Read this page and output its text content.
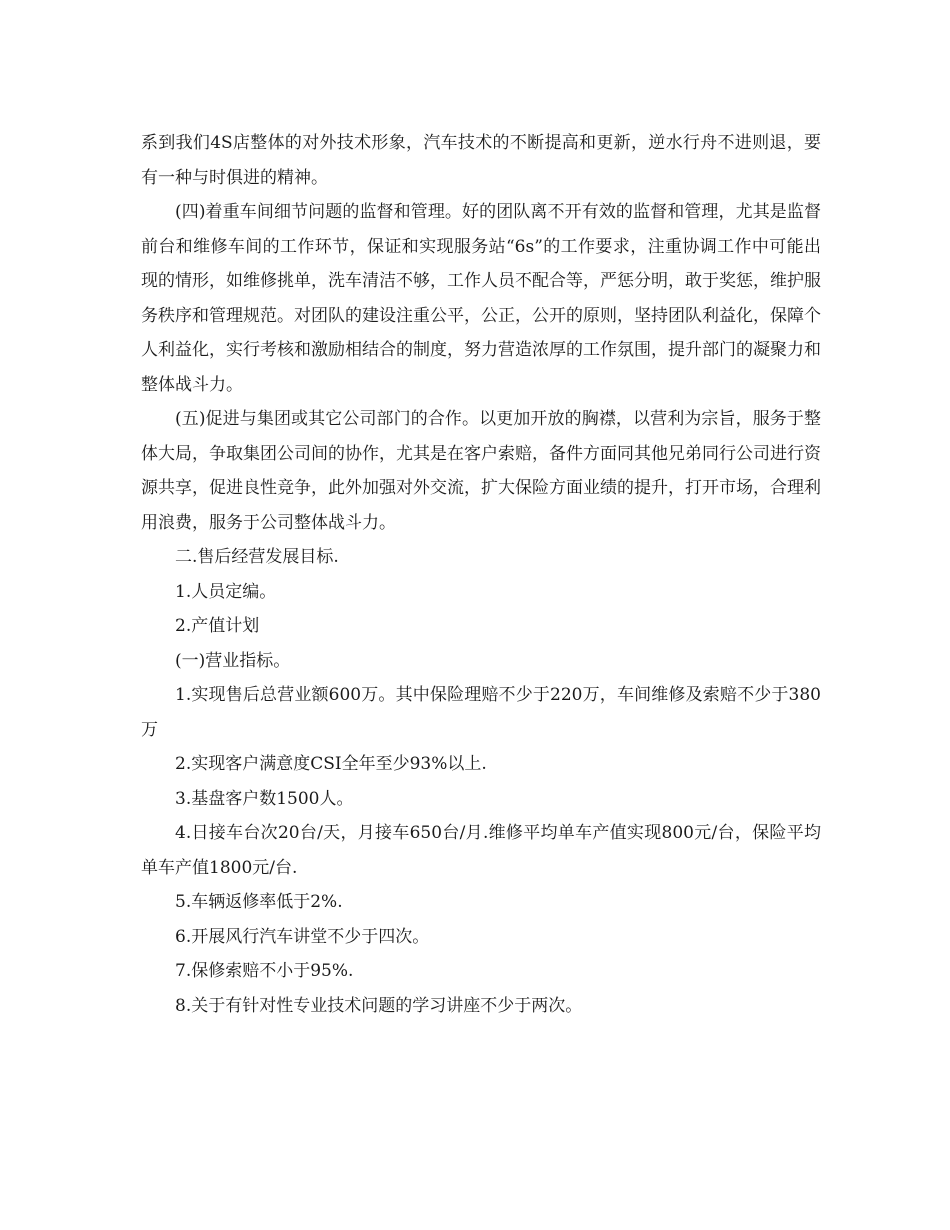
系到我们4S店整体的对外技术形象，汽车技术的不断提高和更新，逆水行舟不进则退，要有一种与时俱进的精神。

(四)着重车间细节问题的监督和管理。好的团队离不开有效的监督和管理，尤其是监督前台和维修车间的工作环节，保证和实现服务站“6s”的工作要求，注重协调工作中可能出现的情形，如维修挑单，洗车清洁不够，工作人员不配合等，严惩分明，敢于奖惩，维护服务秩序和管理规范。对团队的建设注重公平，公正，公开的原则，坚持团队利益化，保障个人利益化，实行考核和激励相结合的制度，努力营造浓厚的工作氛围，提升部门的凝聚力和整体战斗力。

(五)促进与集团或其它公司部门的合作。以更加开放的胸襟，以营利为宗旨，服务于整体大局，争取集团公司间的协作，尤其是在客户索赔，备件方面同其他兄弟同行公司进行资源共享，促进良性竞争，此外加强对外交流，扩大保险方面业绩的提升，打开市场，合理利用浪费，服务于公司整体战斗力。

二.售后经营发展目标.

1.人员定编。

2.产值计划

(一)营业指标。

1.实现售后总营业额600万。其中保险理赔不少于220万，车间维修及索赔不少于380万

2.实现客户满意度CSI全年至少93%以上.

3.基盘客户数1500人。

4.日接车台次20台/天，月接车650台/月.维修平均单车产值实现800元/台，保险平均单车产值1800元/台.

5.车辆返修率低于2%.

6.开展风行汽车讲堂不少于四次。

7.保修索赔不小于95%.

8.关于有针对性专业技术问题的学习讲座不少于两次。
